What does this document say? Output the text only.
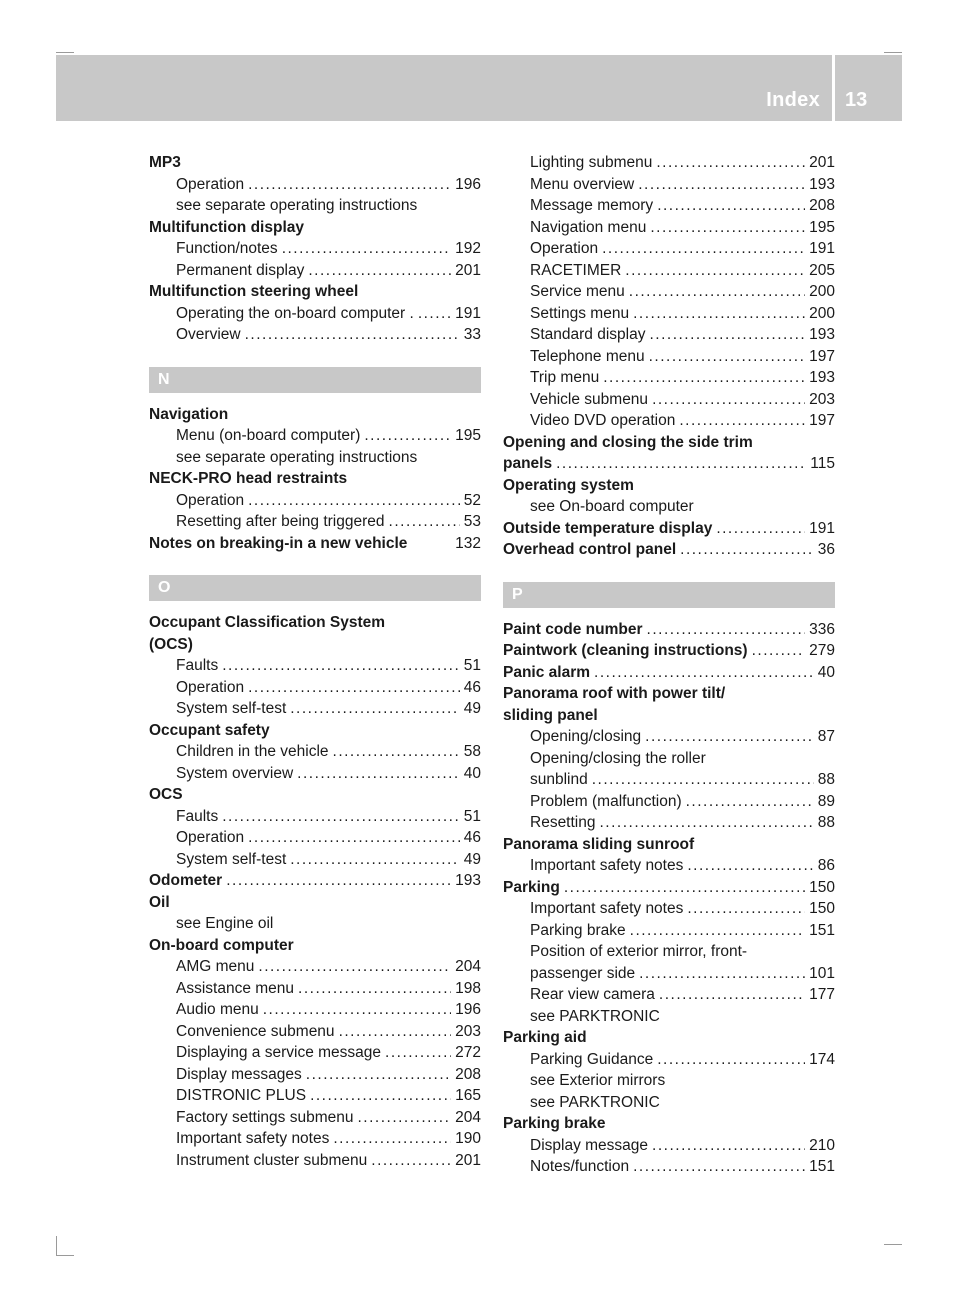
Index 13
MP3
Operation .....	196
see separate operating instructions
Multifunction display
Function/notes .....	192
Permanent display .....	201
Multifunction steering wheel
Operating the on-board computer . .....	191
Overview .....	33
N
Navigation
Menu (on-board computer) .....	195
see separate operating instructions
NECK-PRO head restraints
Operation .....	52
Resetting after being triggered .....	53
Notes on breaking-in a new vehicle	132
O
Occupant Classification System
(OCS)
Faults .....	51
Operation .....	46
System self-test .....	49
Occupant safety
Children in the vehicle .....	58
System overview .....	40
OCS
Faults .....	51
Operation .....	46
System self-test .....	49
Odometer .....	193
Oil
see Engine oil
On-board computer
AMG menu .....	204
Assistance menu .....	198
Audio menu .....	196
Convenience submenu .....	203
Displaying a service message .....	272
Display messages .....	208
DISTRONIC PLUS .....	165
Factory settings submenu .....	204
Important safety notes .....	190
Instrument cluster submenu .....	201
Lighting submenu .....	201
Menu overview .....	193
Message memory .....	208
Navigation menu .....	195
Operation .....	191
RACETIMER .....	205
Service menu .....	200
Settings menu .....	200
Standard display .....	193
Telephone menu .....	197
Trip menu .....	193
Vehicle submenu .....	203
Video DVD operation .....	197
Opening and closing the side trim
panels .....	115
Operating system
see On-board computer
Outside temperature display .....	191
Overhead control panel .....	36
P
Paint code number .....	336
Paintwork (cleaning instructions) .....	279
Panic alarm .....	40
Panorama roof with power tilt/
sliding panel
Opening/closing .....	87
Opening/closing the roller
sunblind .....	88
Problem (malfunction) .....	89
Resetting .....	88
Panorama sliding sunroof
Important safety notes .....	86
Parking .....	150
Important safety notes .....	150
Parking brake .....	151
Position of exterior mirror, front-
passenger side .....	101
Rear view camera .....	177
see PARKTRONIC
Parking aid
Parking Guidance .....	174
see Exterior mirrors
see PARKTRONIC
Parking brake
Display message .....	210
Notes/function .....	151
